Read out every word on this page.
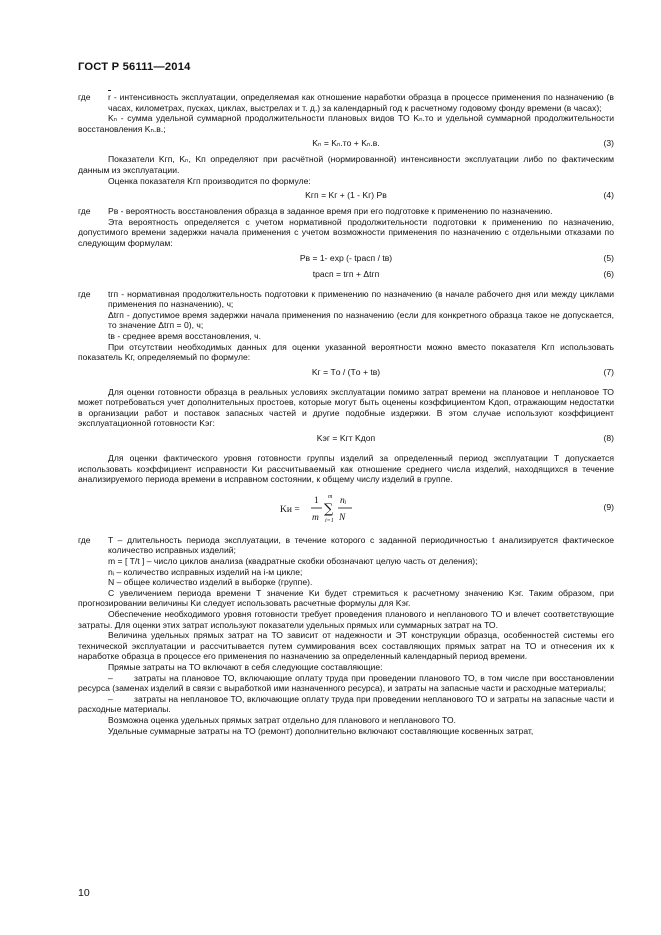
ГОСТ Р 56111—2014
где	r - интенсивность эксплуатации, определяемая как отношение наработки образца в процессе применения по назначению (в часах, километрах, пусках, циклах, выстрелах и т. д.) за календарный год к расчетному годовому фонду времени (в часах);

Kₙ - сумма удельной суммарной продолжительности плановых видов ТО Kₙ.то и удельной суммарной продолжительности восстановления Kₙ.в.;

Kₙ = Kₙ.то + Kₙ.в.	(3)

Показатели Kгп, Kₙ, Kп определяют при расчётной (нормированной) интенсивности эксплуатации либо по фактическим данным из эксплуатации.

Оценка показателя Kгп производится по формуле:

Kгп = Kг + (1 - Kг) Pв	(4)
где	Pв - вероятность восстановления образца в заданное время при его подготовке к применению по назначению.

Эта вероятность определяется с учетом нормативной продолжительности подготовки к применению по назначению, допустимого времени задержки начала применения с учетом возможности применения по назначению с отдельными отказами по следующим формулам:

Pв = 1- exp (- tрасп / tв)	(5)
tрасп = tгп + Δtгп	(6)
где	tгп - нормативная продолжительность подготовки к применению по назначению (в начале рабочего дня или между циклами применения по назначению), ч;

Δtгп - допустимое время задержки начала применения по назначению (если для конкретного образца такое не допускается, то значение Δtгп = 0), ч;

tв - среднее время восстановления, ч.

При отсутствии необходимых данных для оценки указанной вероятности можно вместо показателя Kгп использовать показатель Kг, определяемый по формуле:

Kг = Tо / (Tо + tв)	(7)

Для оценки готовности образца в реальных условиях эксплуатации помимо затрат времени на плановое и неплановое ТО может потребоваться учет дополнительных простоев, которые могут быть оценены коэффициентом Kдоп, отражающим недостатки в организации работ и поставок запасных частей и другие подобные издержки. В этом случае используют коэффициент эксплуатационной готовности Kэг:

Kэг = Kгт Kдоп	(8)

Для оценки фактического уровня готовности группы изделий за определенный период эксплуатации T допускается использовать коэффициент исправности Kи рассчитываемый как отношение среднего числа изделий, находящихся в течение анализируемого периода времени в исправном состоянии, к общему числу изделий в группе.

Kи =
1
m
m
∑
i=1
nᵢ
N
(9)
где	T – длительность периода эксплуатации, в течение которого с заданной периодичностью t анализируется фактическое количество исправных изделий;

m = [ T/t ] – число циклов анализа (квадратные скобки обозначают целую часть от деления);

nᵢ – количество исправных изделий на i-м цикле;

N – общее количество изделий в выборке (группе).

С увеличением периода времени T значение Kи будет стремиться к расчетному значению Kэг. Таким образом, при прогнозировании величины Kи следует использовать расчетные формулы для Kэг.

Обеспечение необходимого уровня готовности требует проведения планового и непланового ТО и влечет соответствующие затраты. Для оценки этих затрат используют показатели удельных прямых или суммарных затрат на ТО.

Величина удельных прямых затрат на ТО зависит от надежности и ЭТ конструкции образца, особенностей системы его технической эксплуатации и рассчитывается путем суммирования всех составляющих прямых затрат на ТО и отнесения их к наработке образца в процессе его применения по назначению за определенный календарный период времени.

Прямые затраты на ТО включают в себя следующие составляющие:

– затраты на плановое ТО, включающие оплату труда при проведении планового ТО, в том числе при восстановлении ресурса (заменах изделий в связи с выработкой ими назначенного ресурса), и затраты на запасные части и расходные материалы;

– затраты на неплановое ТО, включающие оплату труда при проведении непланового ТО и затраты на запасные части и расходные материалы.

Возможна оценка удельных прямых затрат отдельно для планового и непланового ТО.

Удельные суммарные затраты на ТО (ремонт) дополнительно включают составляющие косвенных затрат,

10
